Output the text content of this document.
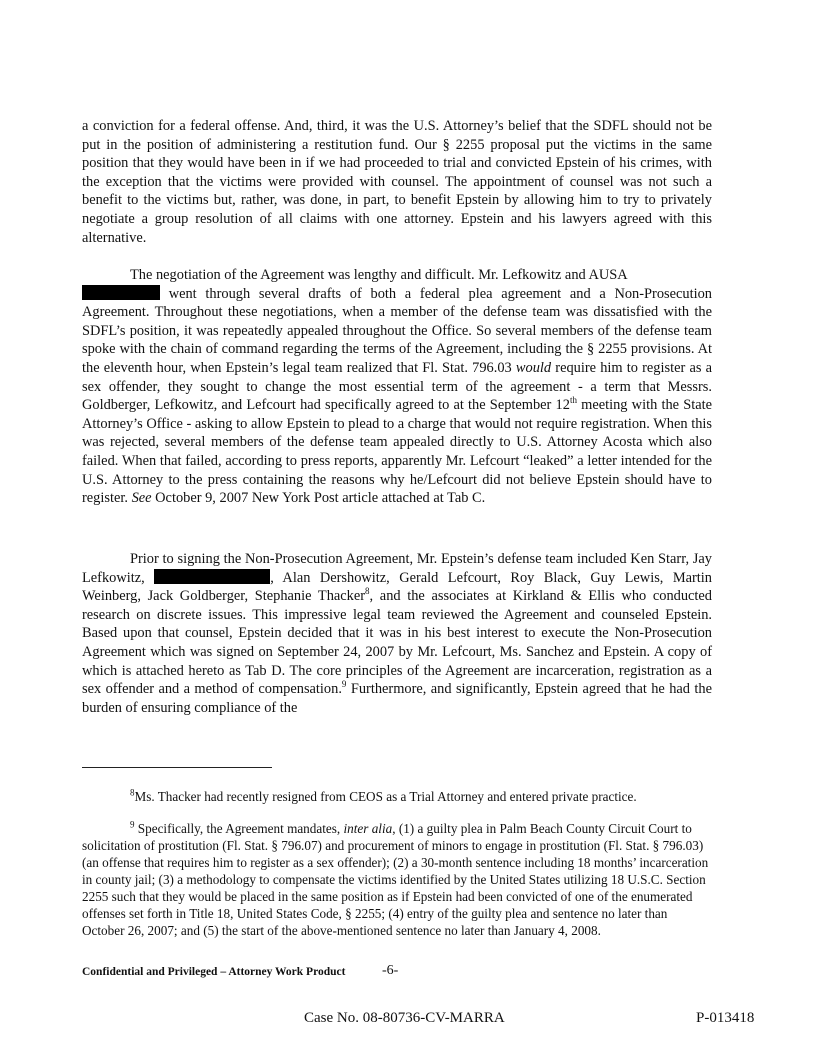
a conviction for a federal offense. And, third, it was the U.S. Attorney’s belief that the SDFL should not be put in the position of administering a restitution fund. Our § 2255 proposal put the victims in the same position that they would have been in if we had proceeded to trial and convicted Epstein of his crimes, with the exception that the victims were provided with counsel. The appointment of counsel was not such a benefit to the victims but, rather, was done, in part, to benefit Epstein by allowing him to try to privately negotiate a group resolution of all claims with one attorney. Epstein and his lawyers agreed with this alternative.

The negotiation of the Agreement was lengthy and difficult. Mr. Lefkowitz and AUSA
went through several drafts of both a federal plea agreement and a Non-Prosecution Agreement. Throughout these negotiations, when a member of the defense team was dissatisfied with the SDFL’s position, it was repeatedly appealed throughout the Office. So several members of the defense team spoke with the chain of command regarding the terms of the Agreement, including the § 2255 provisions. At the eleventh hour, when Epstein’s legal team realized that Fl. Stat. 796.03 would require him to register as a sex offender, they sought to change the most essential term of the agreement - a term that Messrs. Goldberger, Lefkowitz, and Lefcourt had specifically agreed to at the September 12th meeting with the State Attorney’s Office - asking to allow Epstein to plead to a charge that would not require registration. When this was rejected, several members of the defense team appealed directly to U.S. Attorney Acosta which also failed. When that failed, according to press reports, apparently Mr. Lefcourt “leaked” a letter intended for the U.S. Attorney to the press containing the reasons why he/Lefcourt did not believe Epstein should have to register. See October 9, 2007 New York Post article attached at Tab C.

Prior to signing the Non-Prosecution Agreement, Mr. Epstein’s defense team included Ken Starr, Jay Lefkowitz,	, Alan Dershowitz, Gerald Lefcourt, Roy Black, Guy Lewis, Martin Weinberg, Jack Goldberger, Stephanie Thacker$^8$, and the associates at Kirkland & Ellis who conducted research on discrete issues. This impressive legal team reviewed the Agreement and counseled Epstein. Based upon that counsel, Epstein decided that it was in his best interest to execute the Non-Prosecution Agreement which was signed on September 24, 2007 by Mr. Lefcourt, Ms. Sanchez and Epstein. A copy of which is attached hereto as Tab D. The core principles of the Agreement are incarceration, registration as a sex offender and a method of compensation.$^9$ Furthermore, and significantly, Epstein agreed that he had the burden of ensuring compliance of the

$^8$Ms. Thacker had recently resigned from CEOS as a Trial Attorney and entered private practice.

$^9$ Specifically, the Agreement mandates, inter alia, (1) a guilty plea in Palm Beach County Circuit Court to solicitation of prostitution (Fl. Stat. § 796.07) and procurement of minors to engage in prostitution (Fl. Stat. § 796.03) (an offense that requires him to register as a sex offender); (2) a 30-month sentence including 18 months’ incarceration in county jail; (3) a methodology to compensate the victims identified by the United States utilizing 18 U.S.C. Section 2255 such that they would be placed in the same position as if Epstein had been convicted of one of the enumerated offenses set forth in Title 18, United States Code, § 2255; (4) entry of the guilty plea and sentence no later than October 26, 2007; and (5) the start of the above-mentioned sentence no later than January 4, 2008.

Confidential and Privileged – Attorney Work Product	-6-
Case No. 08-80736-CV-MARRA	P-013418
